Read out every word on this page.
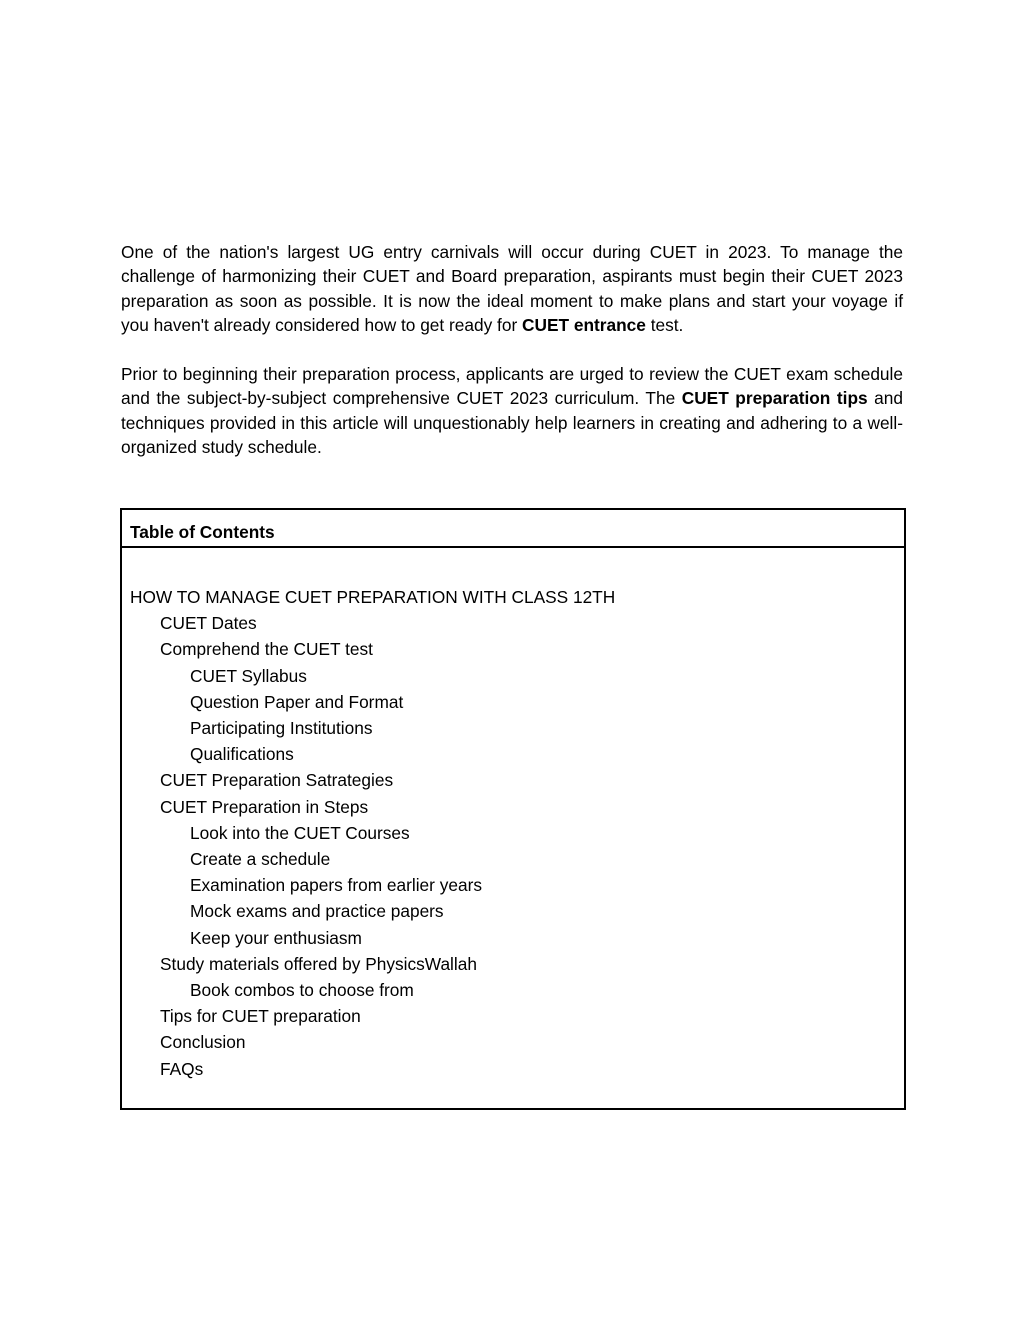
One of the nation's largest UG entry carnivals will occur during CUET in 2023. To manage the challenge of harmonizing their CUET and Board preparation, aspirants must begin their CUET 2023 preparation as soon as possible. It is now the ideal moment to make plans and start your voyage if you haven't already considered how to get ready for CUET entrance test.

Prior to beginning their preparation process, applicants are urged to review the CUET exam schedule and the subject-by-subject comprehensive CUET 2023 curriculum. The CUET preparation tips and techniques provided in this article will unquestionably help learners in creating and adhering to a well-organized study schedule.

Table of Contents
HOW TO MANAGE CUET PREPARATION WITH CLASS 12TH
CUET Dates
Comprehend the CUET test
CUET Syllabus
Question Paper and Format
Participating Institutions
Qualifications
CUET Preparation Satrategies
CUET Preparation in Steps
Look into the CUET Courses
Create a schedule
Examination papers from earlier years
Mock exams and practice papers
Keep your enthusiasm
Study materials offered by PhysicsWallah
Book combos to choose from
Tips for CUET preparation
Conclusion
FAQs
